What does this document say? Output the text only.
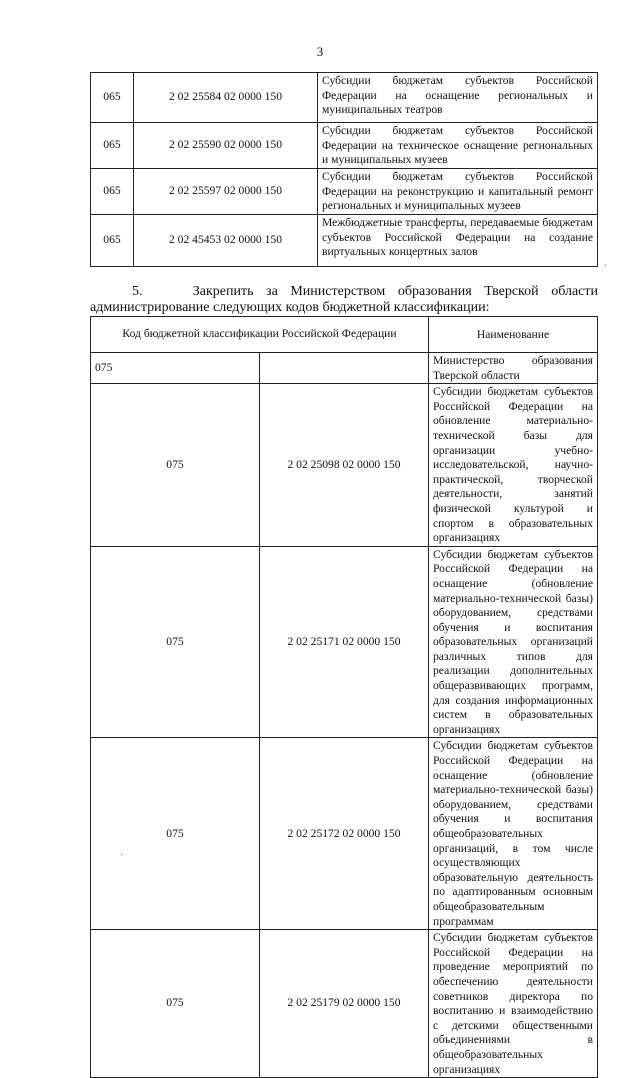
3
065	2 02 25584 02 0000 150	Субсидии бюджетам субъектов Российской Федерации на оснащение региональных и муниципальных театров
065	2 02 25590 02 0000 150	Субсидии бюджетам субъектов Российской Федерации на техническое оснащение региональных и муниципальных музеев
065	2 02 25597 02 0000 150	Субсидии бюджетам субъектов Российской Федерации на реконструкцию и капитальный ремонт региональных и муниципальных музеев
065	2 02 45453 02 0000 150	Межбюджетные трансферты, передаваемые бюджетам субъектов Российской Федерации на создание виртуальных концертных залов
.
5.	Закрепить за Министерством образования Тверской области
администрирование следующих кодов бюджетной классификации:
Код бюджетной классификации Российской Федерации		Наименование
075		Министерство образования Тверской области
075	2 02 25098 02 0000 150	Субсидии бюджетам субъектов Российской Федерации на обновление материально-технической базы для организации учебно-исследовательской, научно-практической, творческой деятельности, занятий физической культурой и спортом в образовательных организациях
075	2 02 25171 02 0000 150	Субсидии бюджетам субъектов Российской Федерации на оснащение (обновление материально-технической базы) оборудованием, средствами обучения и воспитания образовательных организаций различных типов для реализации дополнительных общеразвивающих программ, для создания информационных систем в образовательных организациях
075	2 02 25172 02 0000 150	Субсидии бюджетам субъектов Российской Федерации на оснащение (обновление материально-технической базы) оборудованием, средствами обучения и воспитания общеобразовательных организаций, в том числе осуществляющих образовательную деятельность по адаптированным основным общеобразовательным программам
075	2 02 25179 02 0000 150	Субсидии бюджетам субъектов Российской Федерации на проведение мероприятий по обеспечению деятельности советников директора по воспитанию и взаимодействию с детскими общественными объединениями в общеобразовательных организациях
·
